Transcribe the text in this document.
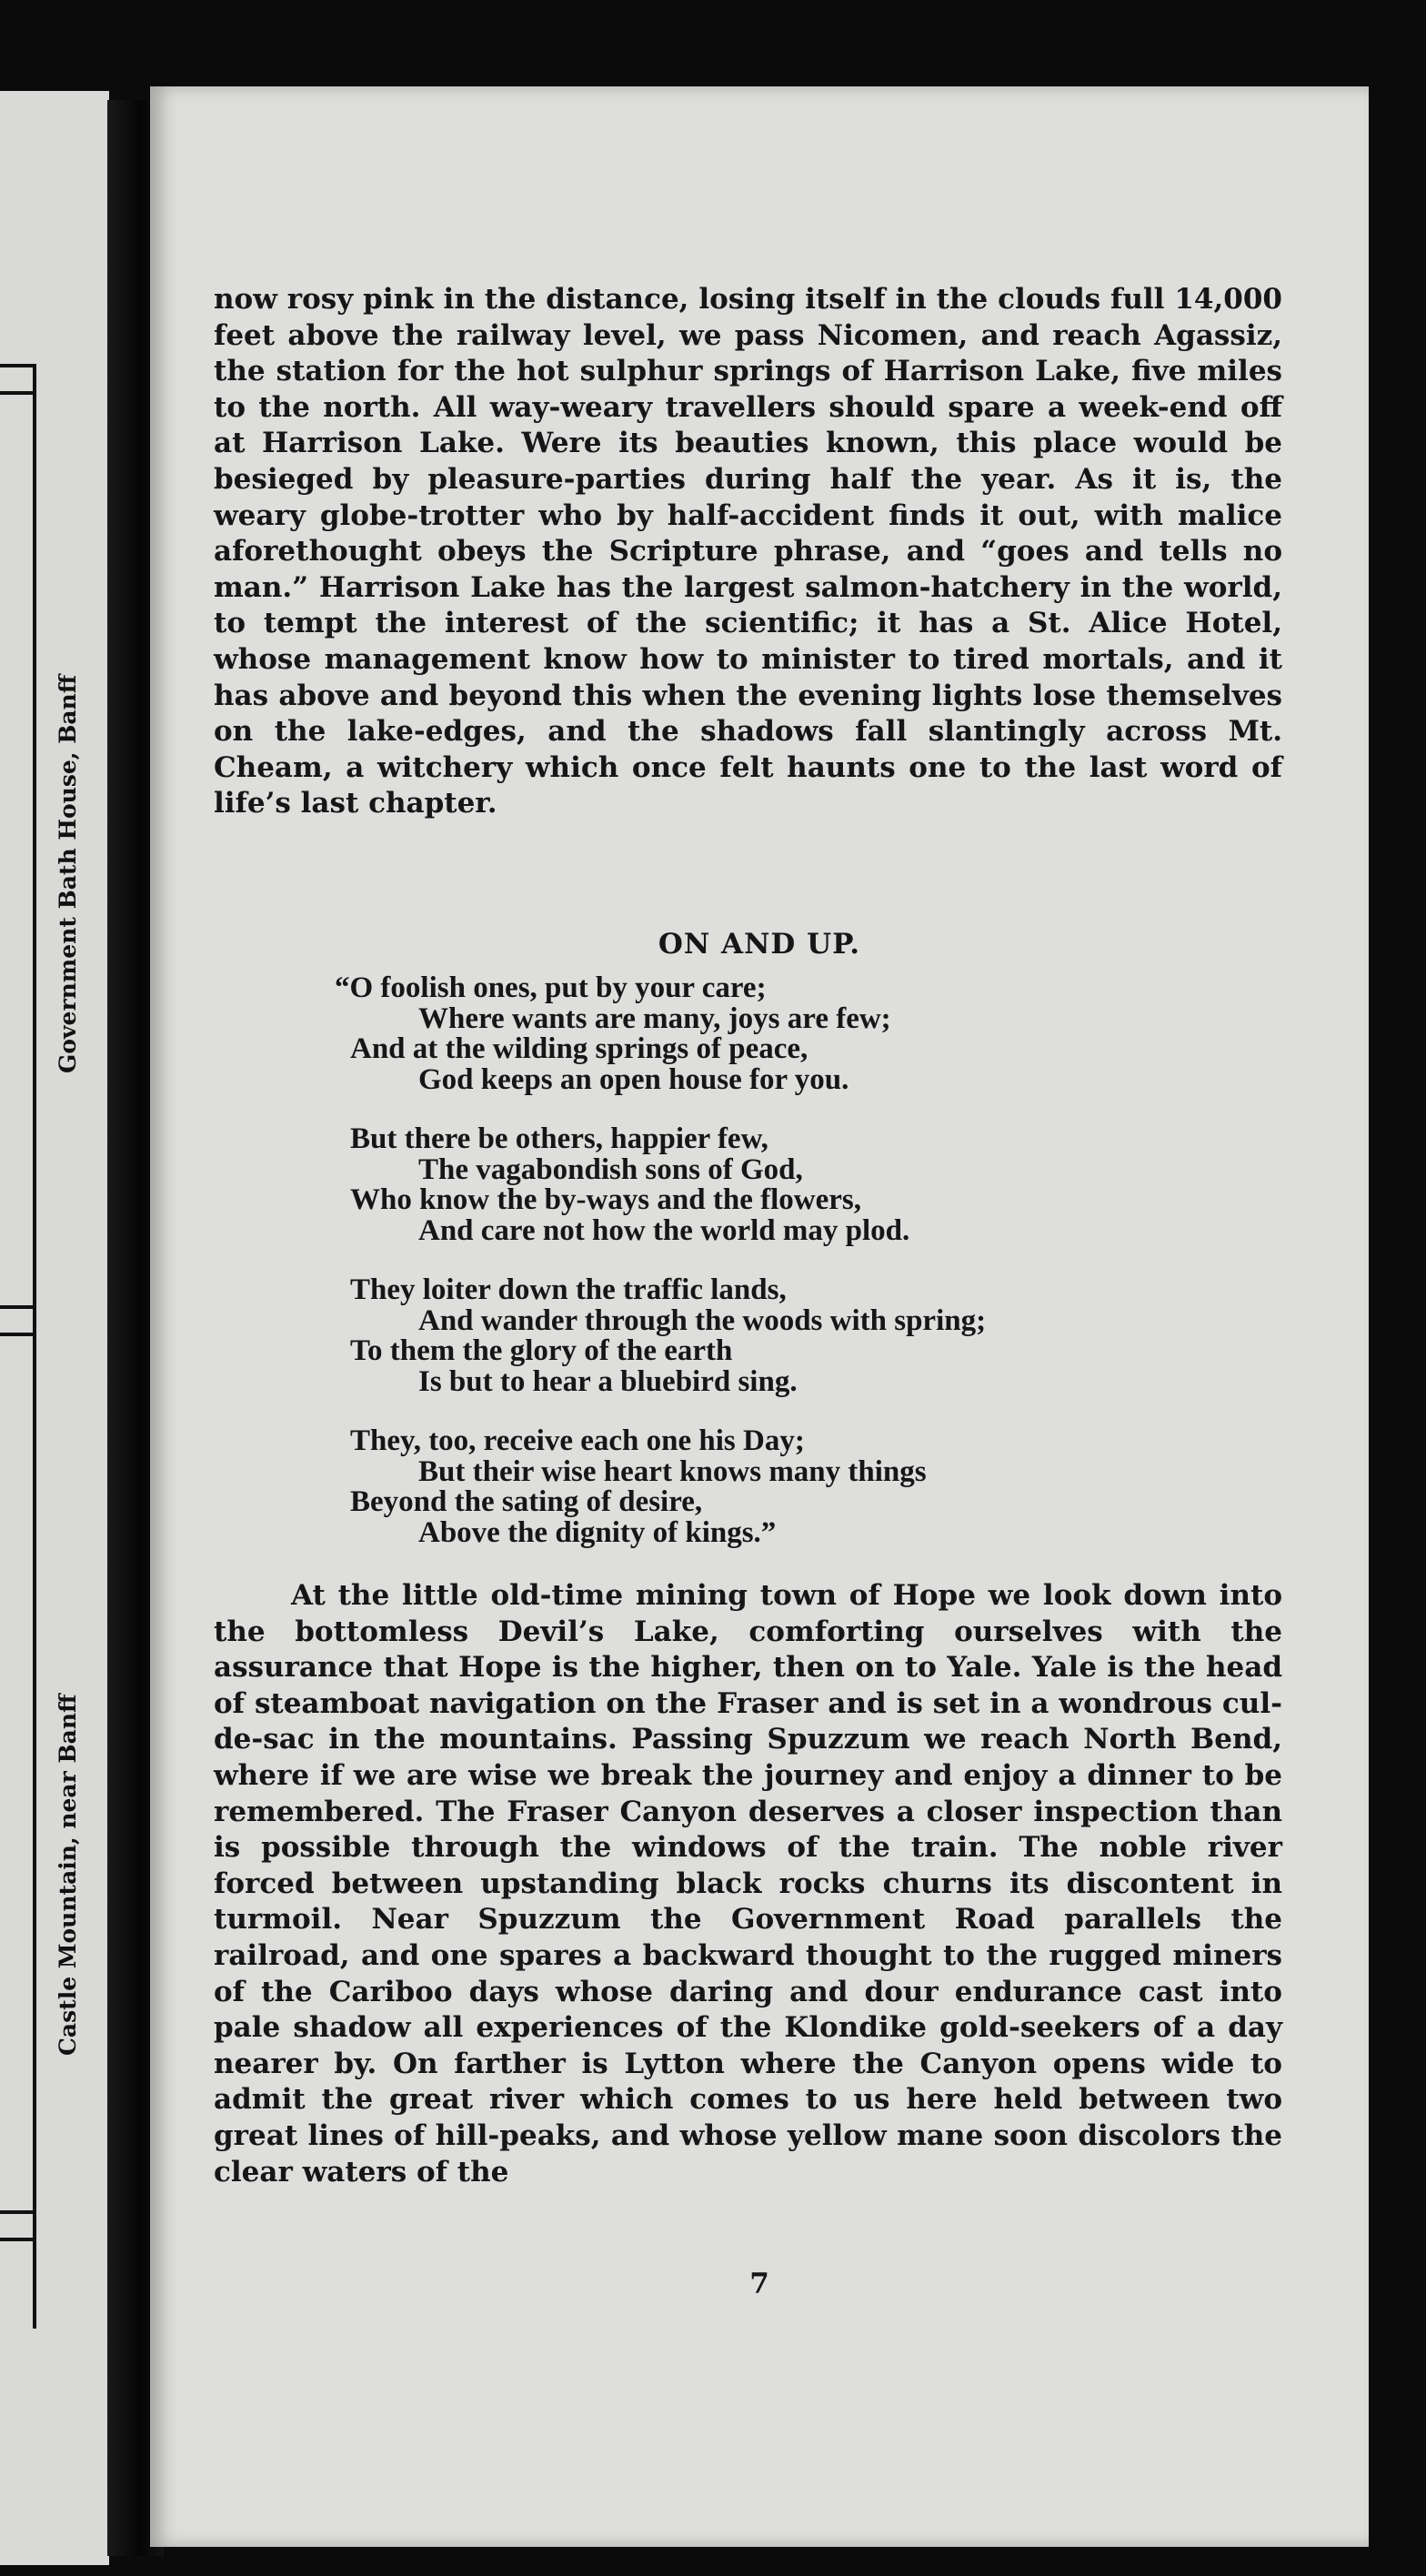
Government Bath House, Banff
Castle Mountain, near Banff
now rosy pink in the distance, losing itself in the clouds full 14,000 feet above the railway level, we pass Nicomen, and reach Agassiz, the station for the hot sulphur springs of Harrison Lake, five miles to the north. All way-weary travellers should spare a week-end off at Harrison Lake. Were its beauties known, this place would be besieged by pleasure-parties during half the year. As it is, the weary globe-trotter who by half-accident finds it out, with malice aforethought obeys the Scripture phrase, and “goes and tells no man.” Harrison Lake has the largest salmon-hatchery in the world, to tempt the interest of the scientific; it has a St. Alice Hotel, whose management know how to minister to tired mortals, and it has above and beyond this when the evening lights lose themselves on the lake-edges, and the shadows fall slantingly across Mt. Cheam, a witchery which once felt haunts one to the last word of life’s last chapter.
ON AND UP.
“O foolish ones, put by your care;
Where wants are many, joys are few;
And at the wilding springs of peace,
God keeps an open house for you.
But there be others, happier few,
The vagabondish sons of God,
Who know the by-ways and the flowers,
And care not how the world may plod.
They loiter down the traffic lands,
And wander through the woods with spring;
To them the glory of the earth
Is but to hear a bluebird sing.
They, too, receive each one his Day;
But their wise heart knows many things
Beyond the sating of desire,
Above the dignity of kings.”
At the little old-time mining town of Hope we look down into the bottomless Devil’s Lake, comforting ourselves with the assurance that Hope is the higher, then on to Yale. Yale is the head of steamboat navigation on the Fraser and is set in a wondrous cul-de-sac in the mountains. Passing Spuzzum we reach North Bend, where if we are wise we break the journey and enjoy a dinner to be remembered. The Fraser Canyon deserves a closer inspection than is possible through the windows of the train. The noble river forced between upstanding black rocks churns its discontent in turmoil. Near Spuzzum the Government Road parallels the railroad, and one spares a backward thought to the rugged miners of the Cariboo days whose daring and dour endurance cast into pale shadow all experiences of the Klondike gold-seekers of a day nearer by. On farther is Lytton where the Canyon opens wide to admit the great river which comes to us here held between two great lines of hill-peaks, and whose yellow mane soon discolors the clear waters of the
7
